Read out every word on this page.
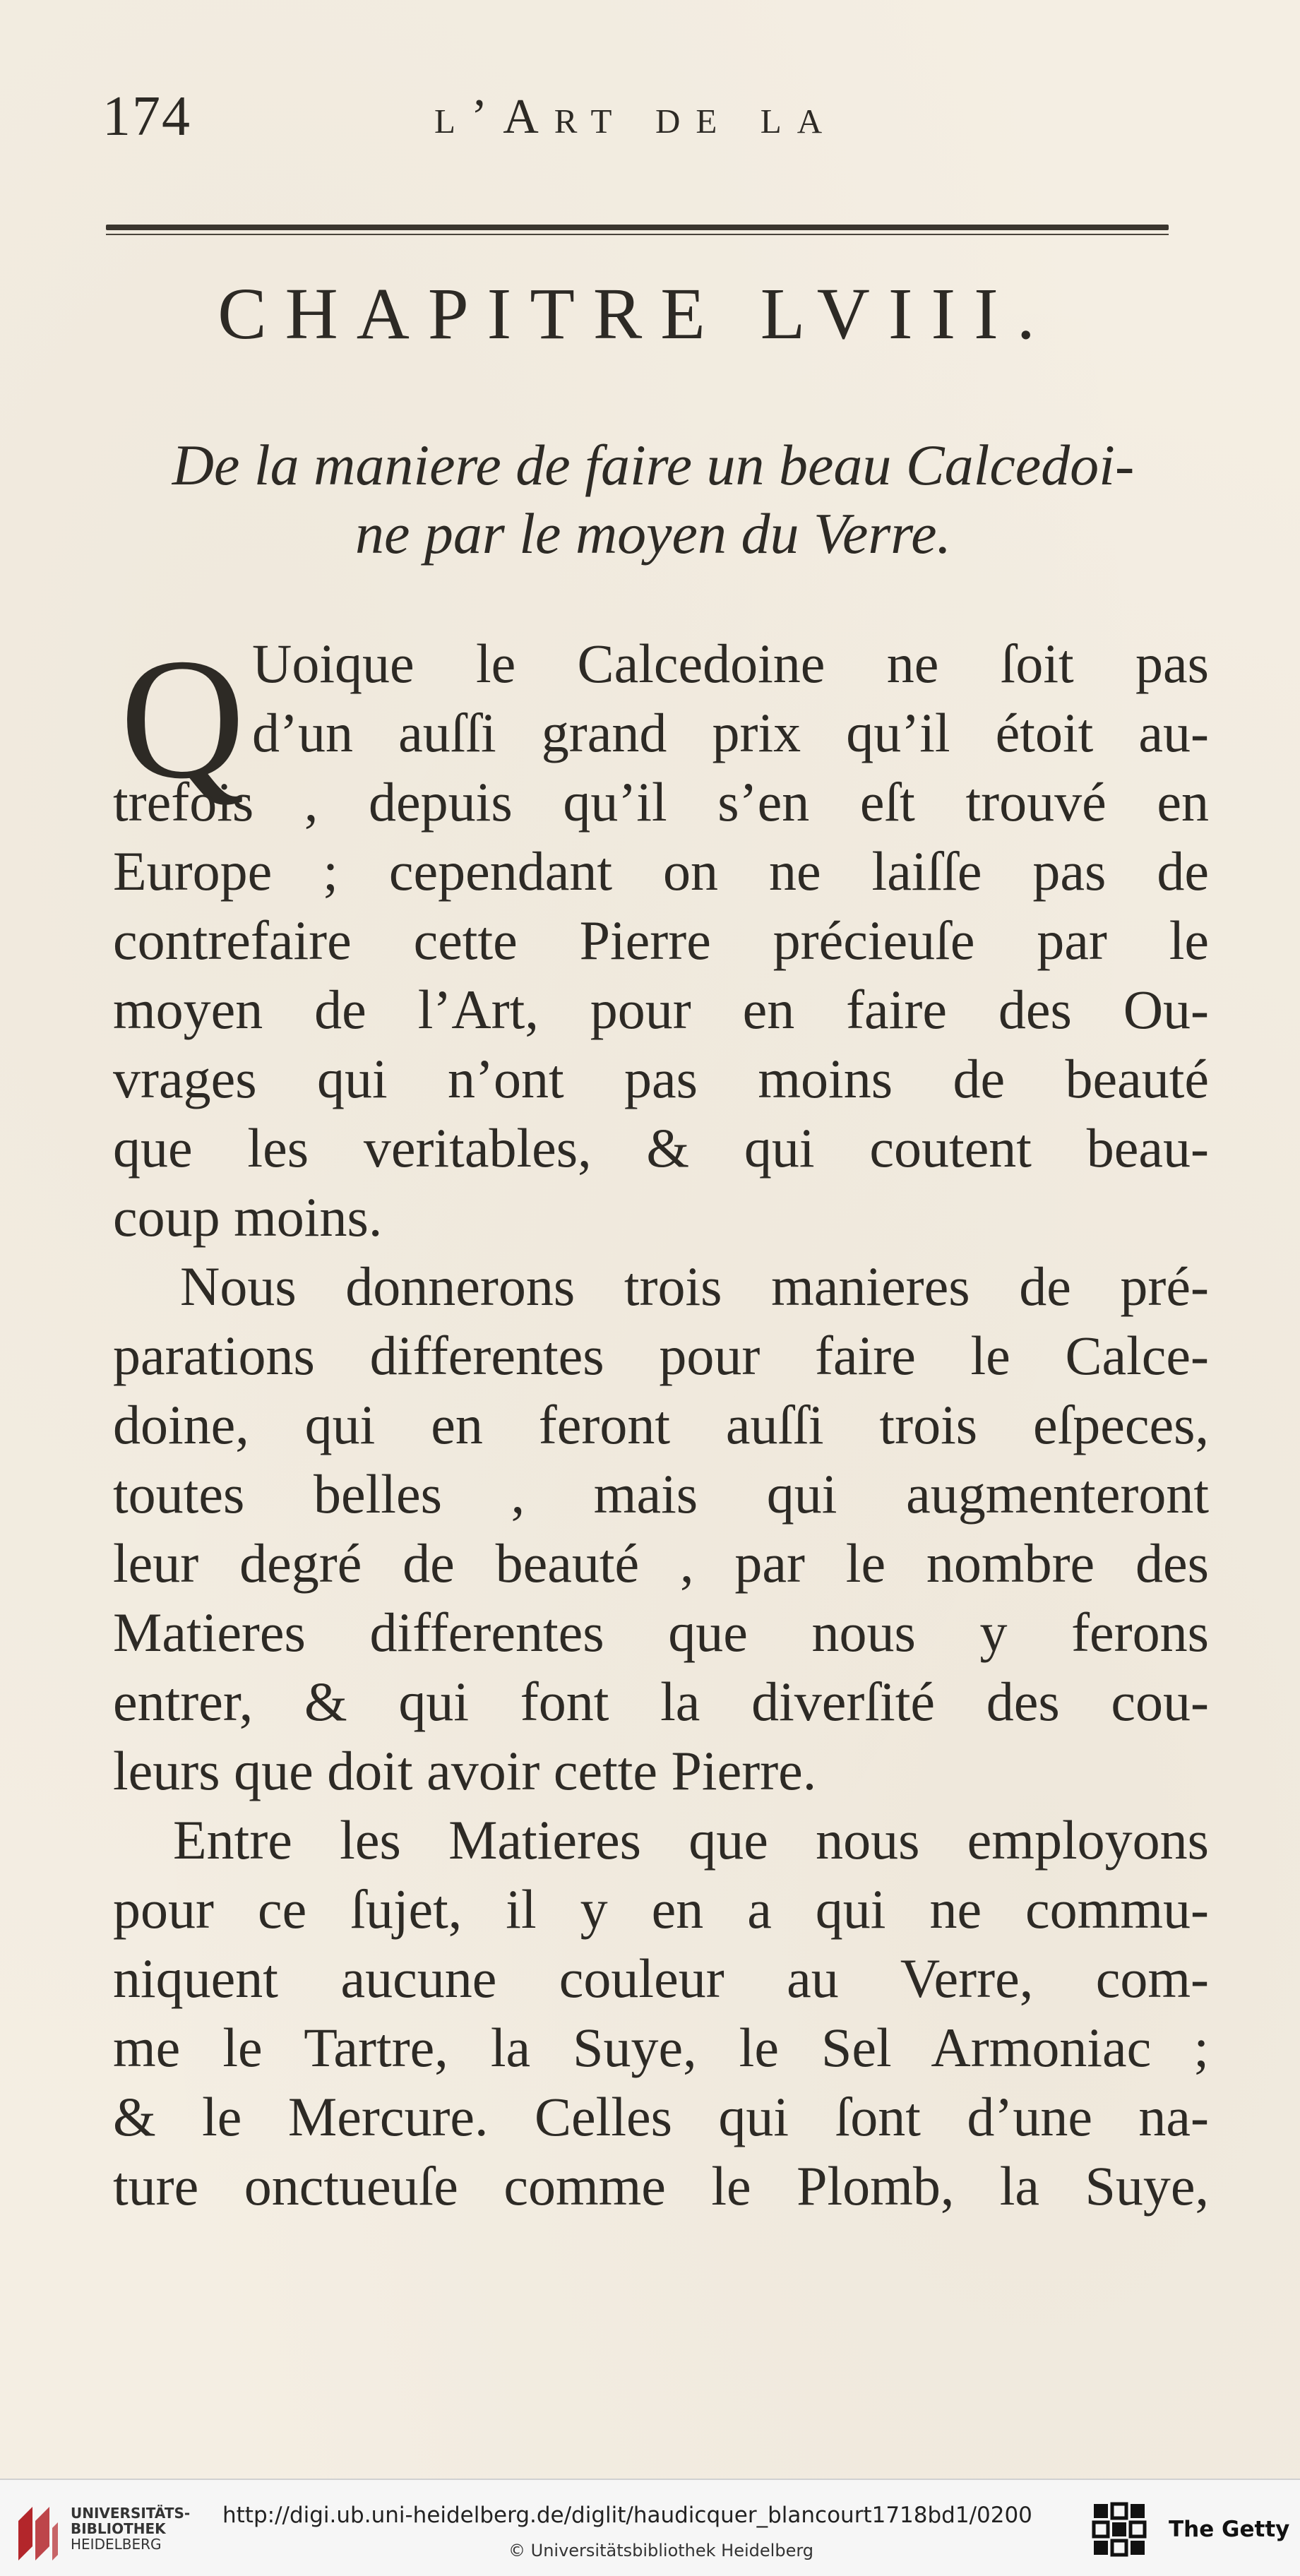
174	l’Art de la
CHAPITRE LVIII.
De la maniere de faire un beau Calcedoi-
ne par le moyen du Verre.
Q Uoique le Calcedoine ne ſoit pas
d’un auſſi grand prix qu’il étoit au-
trefois , depuis qu’il s’en eſt trouvé en
Europe ; cependant on ne laiſſe pas de
contrefaire cette Pierre précieuſe par le
moyen de l’Art, pour en faire des Ou-
vrages qui n’ont pas moins de beauté
que les veritables, & qui coutent beau-
coup moins.
Nous donnerons trois manieres de pré-
parations differentes pour faire le Calce-
doine, qui en feront auſſi trois eſpeces,
toutes belles , mais qui augmenteront
leur degré de beauté , par le nombre des
Matieres differentes que nous y ferons
entrer, & qui font la diverſité des cou-
leurs que doit avoir cette Pierre.
Entre les Matieres que nous employons
pour ce ſujet, il y en a qui ne commu-
niquent aucune couleur au Verre, com-
me le Tartre, la Suye, le Sel Armoniac ;
& le Mercure. Celles qui ſont d’une na-
ture onctueuſe comme le Plomb, la Suye,
UNIVERSITÄTS-
BIBLIOTHEK
HEIDELBERG
http://digi.ub.uni-heidelberg.de/diglit/haudicquer_blancourt1718bd1/0200
© Universitätsbibliothek Heidelberg
The Getty
